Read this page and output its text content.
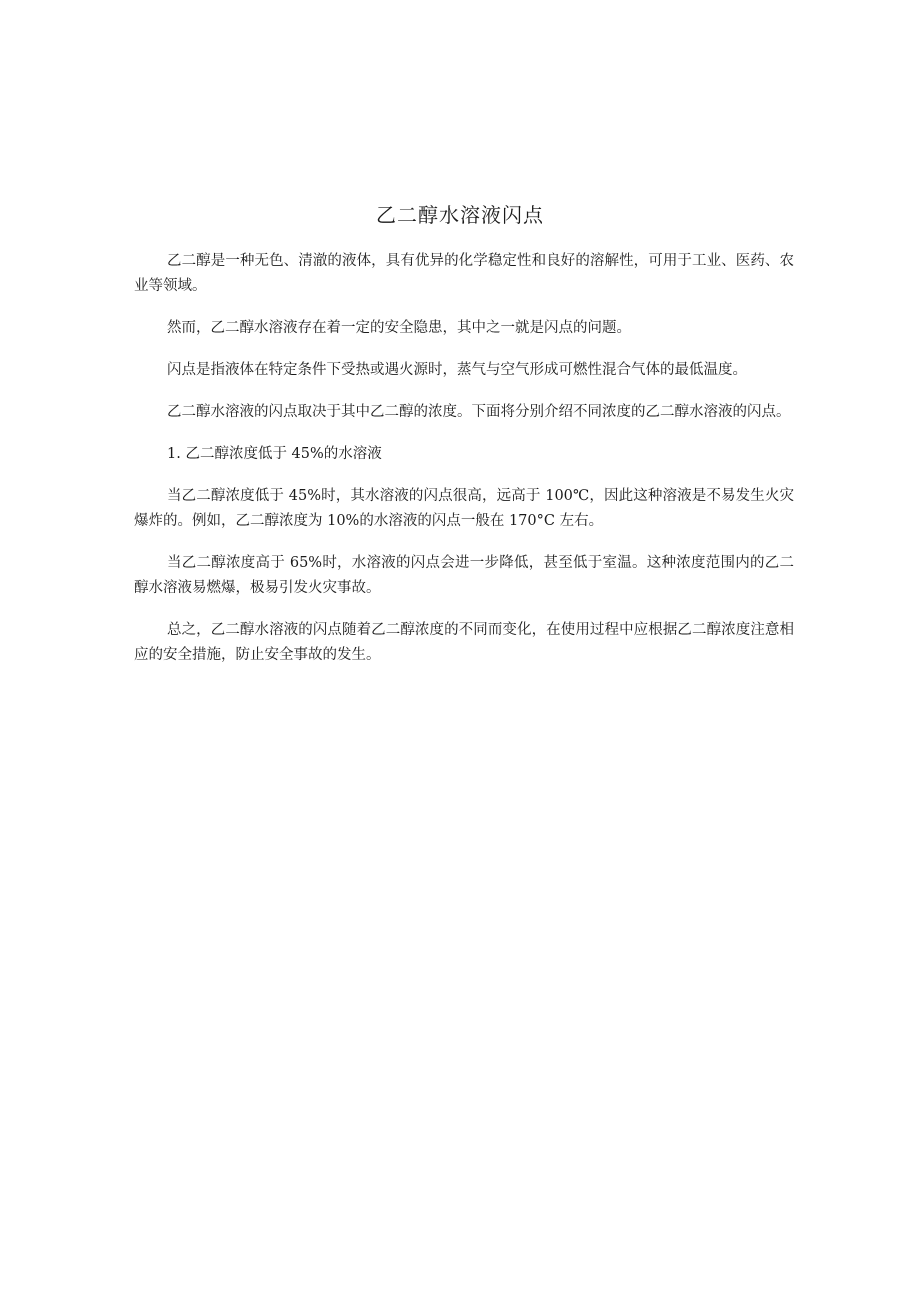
乙二醇水溶液闪点

乙二醇是一种无色、清澈的液体，具有优异的化学稳定性和良好的溶解性，可用于工业、医药、农业等领域。

然而，乙二醇水溶液存在着一定的安全隐患，其中之一就是闪点的问题。

闪点是指液体在特定条件下受热或遇火源时，蒸气与空气形成可燃性混合气体的最低温度。

乙二醇水溶液的闪点取决于其中乙二醇的浓度。下面将分别介绍不同浓度的乙二醇水溶液的闪点。

1. 乙二醇浓度低于 45%的水溶液

当乙二醇浓度低于 45%时，其水溶液的闪点很高，远高于 100℃，因此这种溶液是不易发生火灾爆炸的。例如，乙二醇浓度为 10%的水溶液的闪点一般在 170°C 左右。

当乙二醇浓度高于 65%时，水溶液的闪点会进一步降低，甚至低于室温。这种浓度范围内的乙二醇水溶液易燃爆，极易引发火灾事故。

总之，乙二醇水溶液的闪点随着乙二醇浓度的不同而变化，在使用过程中应根据乙二醇浓度注意相应的安全措施，防止安全事故的发生。
